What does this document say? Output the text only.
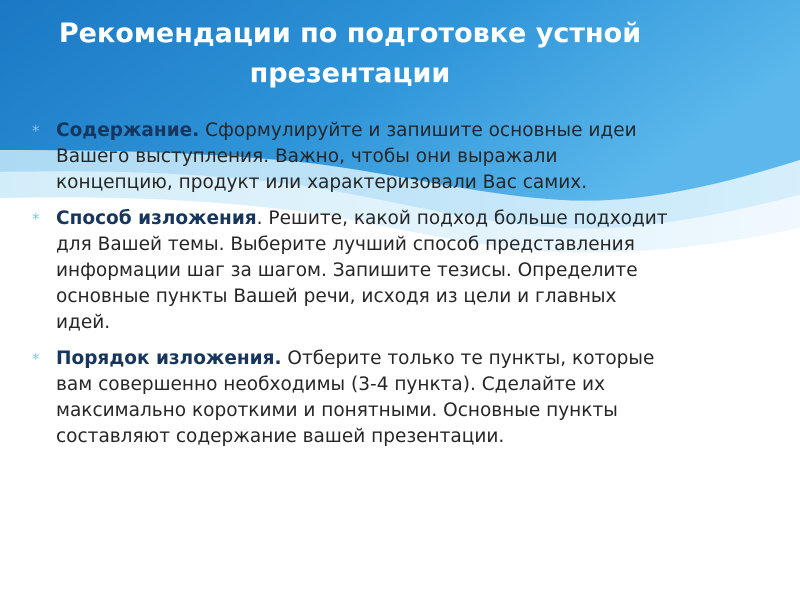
Рекомендации по подготовке устной презентации
* Содержание. Сформулируйте и запишите основные идеи Вашего выступления. Важно, чтобы они выражали концепцию, продукт или характеризовали Вас самих.
* Способ изложения. Решите, какой подход больше подходит для Вашей темы. Выберите лучший способ представления информации шаг за шагом. Запишите тезисы. Определите основные пункты Вашей речи, исходя из цели и главных идей.
* Порядок изложения. Отберите только те пункты, которые вам совершенно необходимы (3-4 пункта). Сделайте их максимально короткими и понятными. Основные пункты составляют содержание вашей презентации.
